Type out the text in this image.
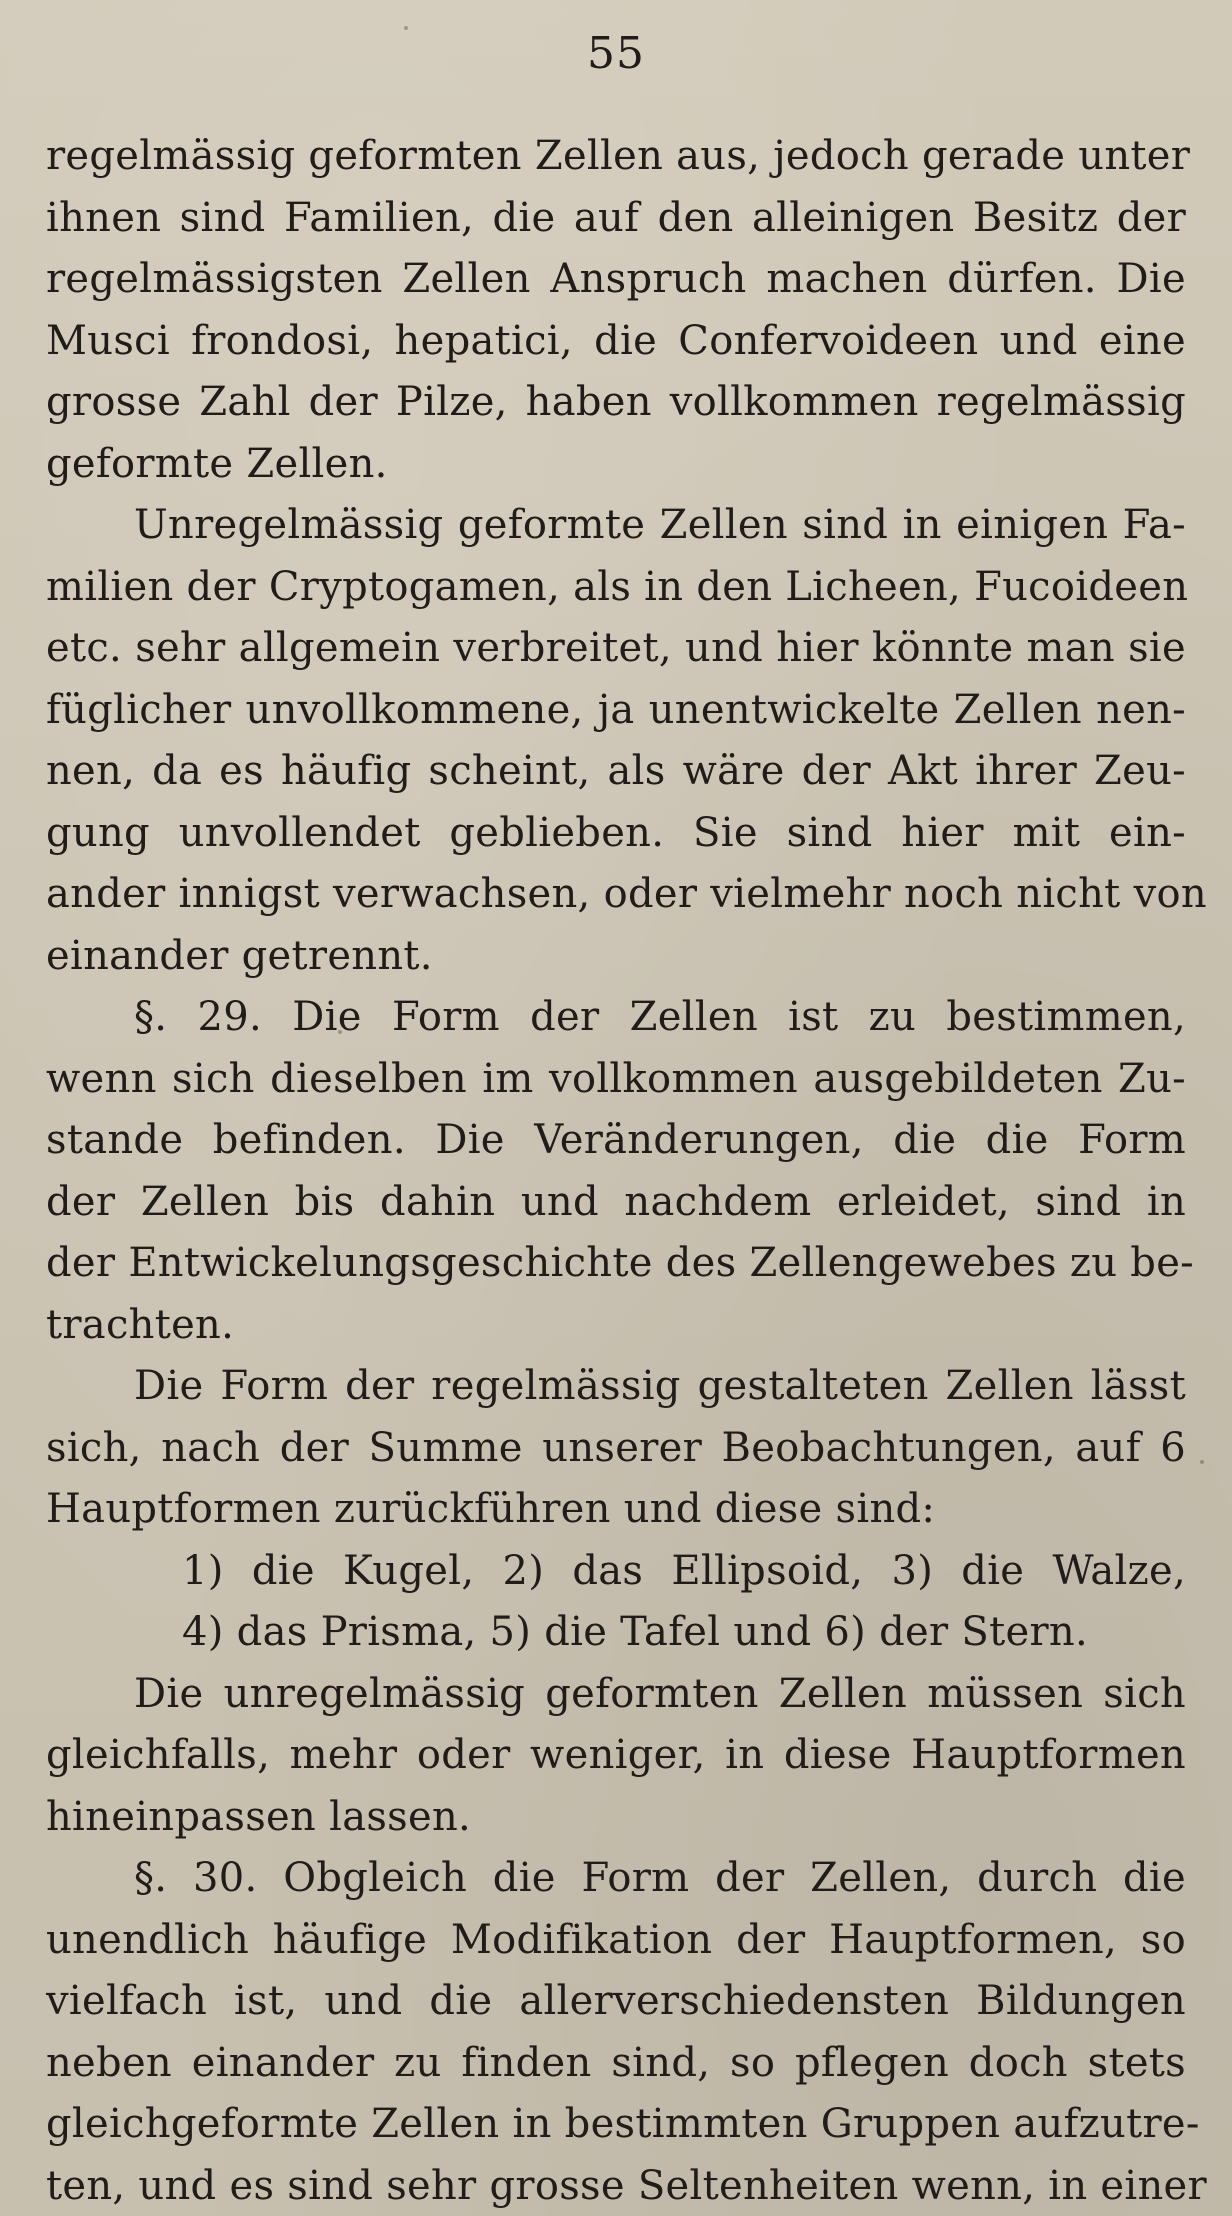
55
regelmässig geformten Zellen aus, jedoch gerade unter
ihnen sind Familien, die auf den alleinigen Besitz der
regelmässigsten Zellen Anspruch machen dürfen. Die
Musci frondosi, hepatici, die Confervoideen und eine
grosse Zahl der Pilze, haben vollkommen regelmässig
geformte Zellen.
Unregelmässig geformte Zellen sind in einigen Fa-
milien der Cryptogamen, als in den Licheen, Fucoideen
etc. sehr allgemein verbreitet, und hier könnte man sie
füglicher unvollkommene, ja unentwickelte Zellen nen-
nen, da es häufig scheint, als wäre der Akt ihrer Zeu-
gung unvollendet geblieben. Sie sind hier mit ein-
ander innigst verwachsen, oder vielmehr noch nicht von
einander getrennt.
§. 29. Die Form der Zellen ist zu bestimmen,
wenn sich dieselben im vollkommen ausgebildeten Zu-
stande befinden. Die Veränderungen, die die Form
der Zellen bis dahin und nachdem erleidet, sind in
der Entwickelungsgeschichte des Zellengewebes zu be-
trachten.
Die Form der regelmässig gestalteten Zellen lässt
sich, nach der Summe unserer Beobachtungen, auf 6
Hauptformen zurückführen und diese sind:
1) die Kugel, 2) das Ellipsoid, 3) die Walze,
4) das Prisma, 5) die Tafel und 6) der Stern.
Die unregelmässig geformten Zellen müssen sich
gleichfalls, mehr oder weniger, in diese Hauptformen
hineinpassen lassen.
§. 30. Obgleich die Form der Zellen, durch die
unendlich häufige Modifikation der Hauptformen, so
vielfach ist, und die allerverschiedensten Bildungen
neben einander zu finden sind, so pflegen doch stets
gleichgeformte Zellen in bestimmten Gruppen aufzutre-
ten, und es sind sehr grosse Seltenheiten wenn, in einer
